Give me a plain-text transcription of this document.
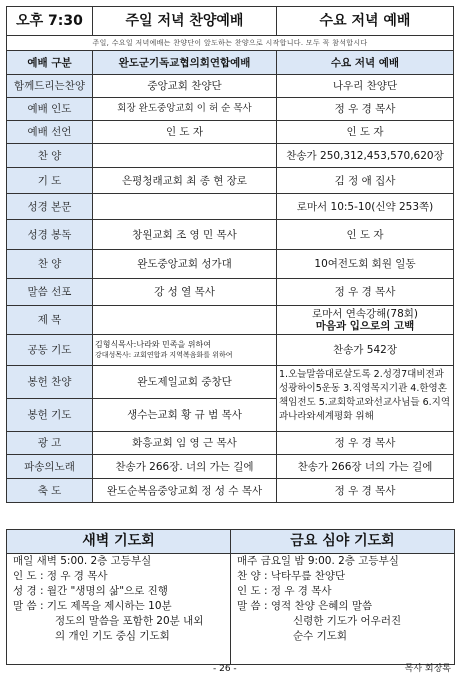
오후 7:30	주일 저녁 찬양예배	수요 저녁 예배
주일, 수요일 저녁예배는 찬양단이 앞도하는 찬양으로 시작합니다. 모두 꼭 참석합시다		
예배 구분	완도군기독교협의회연합예배	수요 저녁 예배
함께드리는찬양	중앙교회 찬양단	나우리 찬양단
예배 인도	회장 완도중앙교회 이 허 순 목사	정 우 경 목사
예배 선언	인 도 자	인 도 자
찬 양		찬송가 250,312,453,570,620장
기 도	은평청래교회 최 종 현 장로	김 정 애 집사
성경 본문		로마서 10:5-10(신약 253쪽)
성경 봉독	창원교회 조 영 민 목사	인 도 자
찬 양	완도중앙교회 성가대	10여전도회 회원 일동
말씀 선포	강 성 열 목사	정 우 경 목사
제 목		로마서 연속강해(78회)
마음과 입으로의 고백

공동 기도	김형식목사:나라와 민족을 위하여
강대성목사: 교회연합과 지역복음화를 위하여	찬송가 542장
봉헌 찬양	완도제일교회 중창단	1.오늘말씀대로살도록 2.성경7대비전과 성광하이5운동 3.직영목지기관 4.한영혼책임전도 5.교회학교와선교사님들 6.지역과나라와세계평화 위해
봉헌 기도	생수는교회 황 규 범 목사	
광 고	화흥교회 임 영 근 목사	정 우 경 목사
파송의노래	찬송가 266장. 너의 가는 길에	찬송가 266장 너의 가는 길에
축 도	완도순복음중앙교회 정 성 수 목사	정 우 경 목사
새벽 기도회
매일 새벽 5:00. 2층 고등부실
인 도 : 정 우 경 목사
성 경 : 월간 "생명의 삶"으로 진행
말 씀 : 기도 제목을 제시하는 10분
정도의 말씀을 포함한 20분 내외
의 개인 기도 중심 기도회
금요 심야 기도회
매주 금요일 밤 9:00. 2층 고등부실
찬 양 : 낙타무릎 찬양단
인 도 : 정 우 경 목사
말 씀 : 영적 찬양 은혜의 말씀
신령한 기도가 어우러진
순수 기도회
- 26 -	목사 회장록
